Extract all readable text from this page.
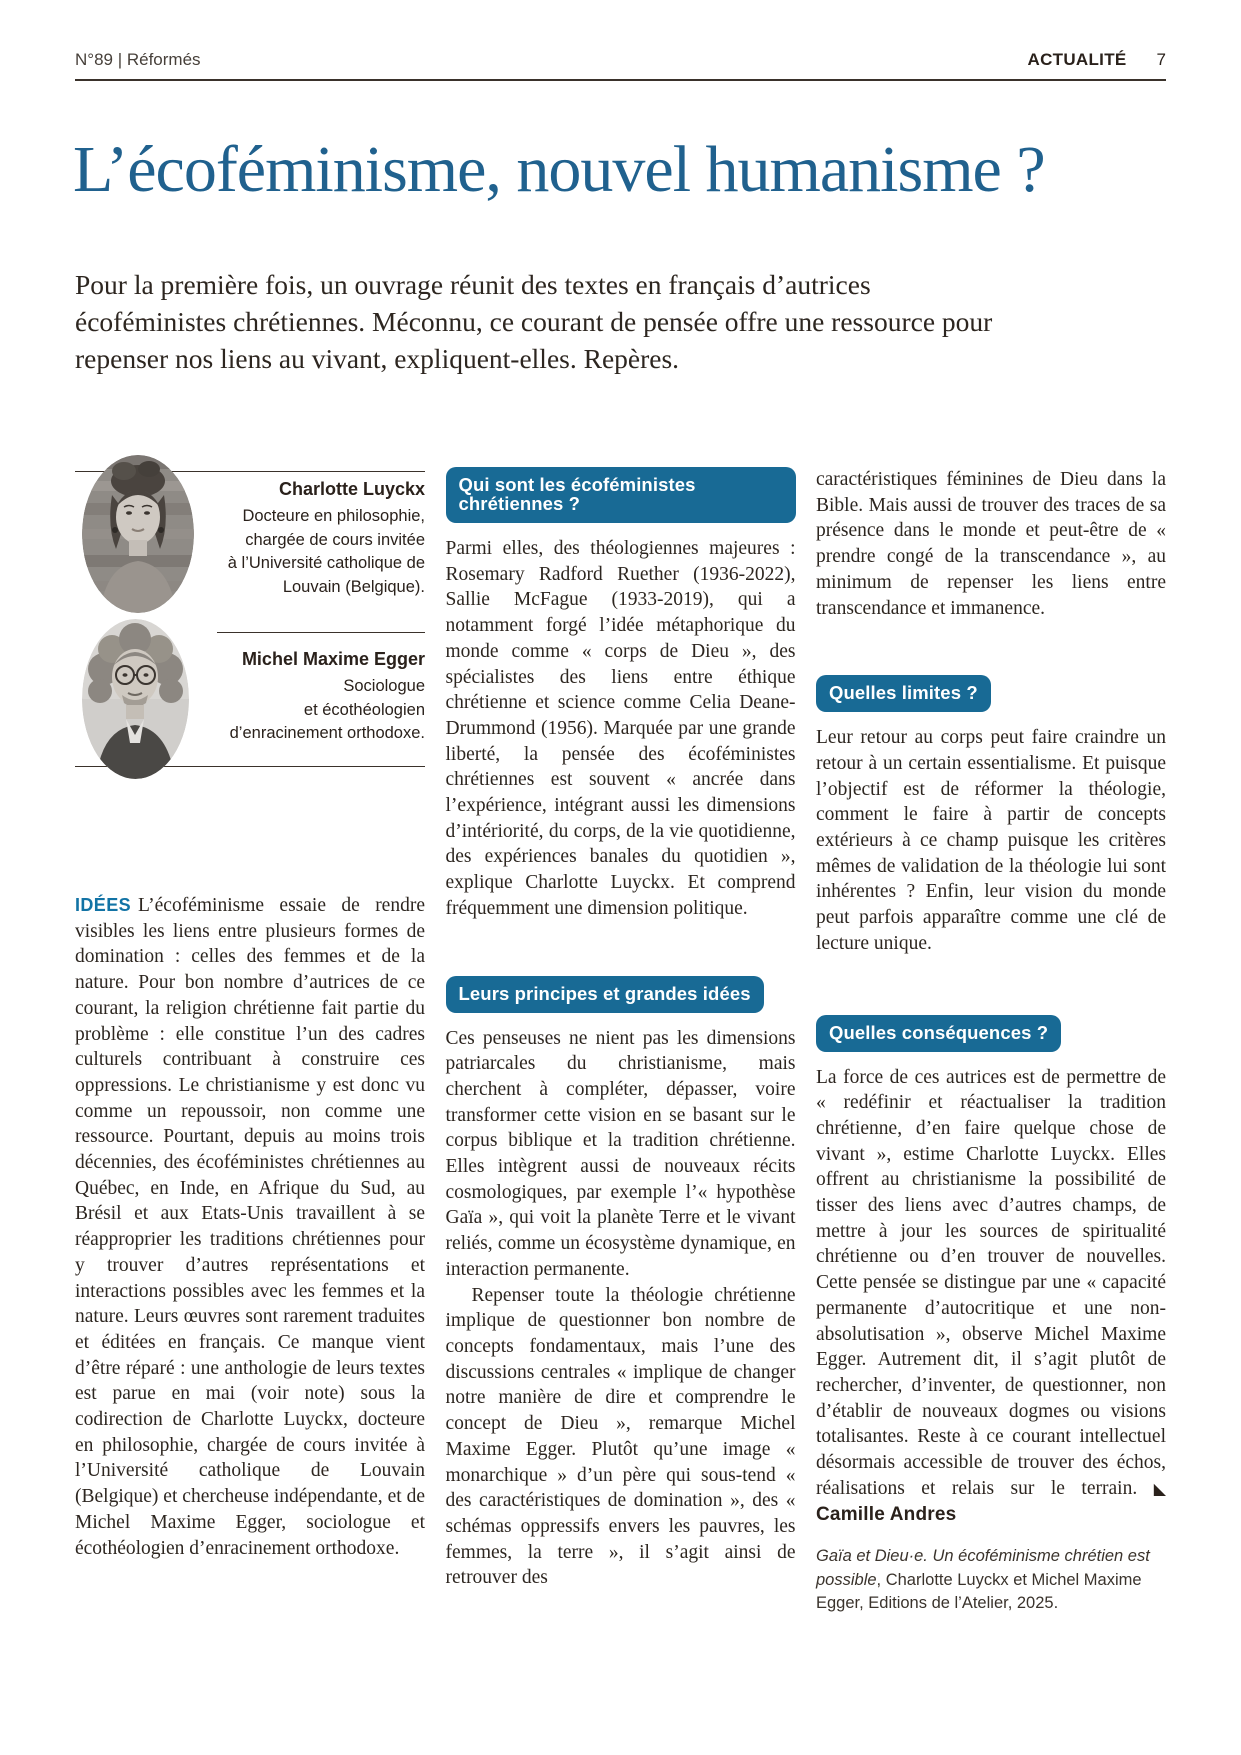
N°89 | Réformés	ACTUALITÉ 7
L’écoféminisme, nouvel humanisme ?

Pour la première fois, un ouvrage réunit des textes en français d’autrices écoféministes chrétiennes. Méconnu, ce courant de pensée offre une ressource pour repenser nos liens au vivant, expliquent-elles. Repères.

Charlotte Luyckx
Docteure en philosophie,
chargée de cours invitée
à l’Université catholique de
Louvain (Belgique).
Michel Maxime Egger
Sociologue
et écothéologien
d’enracinement orthodoxe.

IDÉES L’écoféminisme essaie de rendre visibles les liens entre plusieurs formes de domination : celles des femmes et de la nature. Pour bon nombre d’autrices de ce courant, la religion chrétienne fait partie du problème : elle constitue l’un des cadres culturels contribuant à construire ces oppressions. Le christianisme y est donc vu comme un repoussoir, non comme une ressource. Pourtant, depuis au moins trois décennies, des écoféministes chrétiennes au Québec, en Inde, en Afrique du Sud, au Brésil et aux Etats-Unis travaillent à se réapproprier les traditions chrétiennes pour y trouver d’autres représentations et interactions possibles avec les femmes et la nature. Leurs œuvres sont rarement traduites et éditées en français. Ce manque vient d’être réparé : une anthologie de leurs textes est parue en mai (voir note) sous la codirection de Charlotte Luyckx, docteure en philosophie, chargée de cours invitée à l’Université catholique de Louvain (Belgique) et chercheuse indépendante, et de Michel Maxime Egger, sociologue et écothéologien d’enracinement orthodoxe.

Qui sont les écoféministes chrétiennes ?

Parmi elles, des théologiennes majeures : Rosemary Radford Ruether (1936-2022), Sallie McFague (1933-2019), qui a notamment forgé l’idée métaphorique du monde comme « corps de Dieu », des spécialistes des liens entre éthique chrétienne et science comme Celia Deane-Drummond (1956). Marquée par une grande liberté, la pensée des écoféministes chrétiennes est souvent « ancrée dans l’expérience, intégrant aussi les dimensions d’intériorité, du corps, de la vie quotidienne, des expériences banales du quotidien », explique Charlotte Luyckx. Et comprend fréquemment une dimension politique.

Leurs principes et grandes idées

Ces penseuses ne nient pas les dimensions patriarcales du christianisme, mais cherchent à compléter, dépasser, voire transformer cette vision en se basant sur le corpus biblique et la tradition chrétienne. Elles intègrent aussi de nouveaux récits cosmologiques, par exemple l’« hypothèse Gaïa », qui voit la planète Terre et le vivant reliés, comme un écosystème dynamique, en interaction permanente.

Repenser toute la théologie chrétienne implique de questionner bon nombre de concepts fondamentaux, mais l’une des discussions centrales « implique de changer notre manière de dire et comprendre le concept de Dieu », remarque Michel Maxime Egger. Plutôt qu’une image « monarchique » d’un père qui sous-tend « des caractéristiques de domination », des « schémas oppressifs envers les pauvres, les femmes, la terre », il s’agit ainsi de retrouver des

caractéristiques féminines de Dieu dans la Bible. Mais aussi de trouver des traces de sa présence dans le monde et peut-être de « prendre congé de la transcendance », au minimum de repenser les liens entre transcendance et immanence.

Quelles limites ?

Leur retour au corps peut faire craindre un retour à un certain essentialisme. Et puisque l’objectif est de réformer la théologie, comment le faire à partir de concepts extérieurs à ce champ puisque les critères mêmes de validation de la théologie lui sont inhérentes ? Enfin, leur vision du monde peut parfois apparaître comme une clé de lecture unique.

Quelles conséquences ?

La force de ces autrices est de permettre de « redéfinir et réactualiser la tradition chrétienne, d’en faire quelque chose de vivant », estime Charlotte Luyckx. Elles offrent au christianisme la possibilité de tisser des liens avec d’autres champs, de mettre à jour les sources de spiritualité chrétienne ou d’en trouver de nouvelles. Cette pensée se distingue par une « capacité permanente d’autocritique et une non-absolutisation », observe Michel Maxime Egger. Autrement dit, il s’agit plutôt de rechercher, d’inventer, de questionner, non d’établir de nouveaux dogmes ou visions totalisantes. Reste à ce courant intellectuel désormais accessible de trouver des échos, réalisations et relais sur le terrain. ◣ Camille Andres

Gaïa et Dieu·e. Un écoféminisme chrétien est possible, Charlotte Luyckx et Michel Maxime Egger, Editions de l’Atelier, 2025.
